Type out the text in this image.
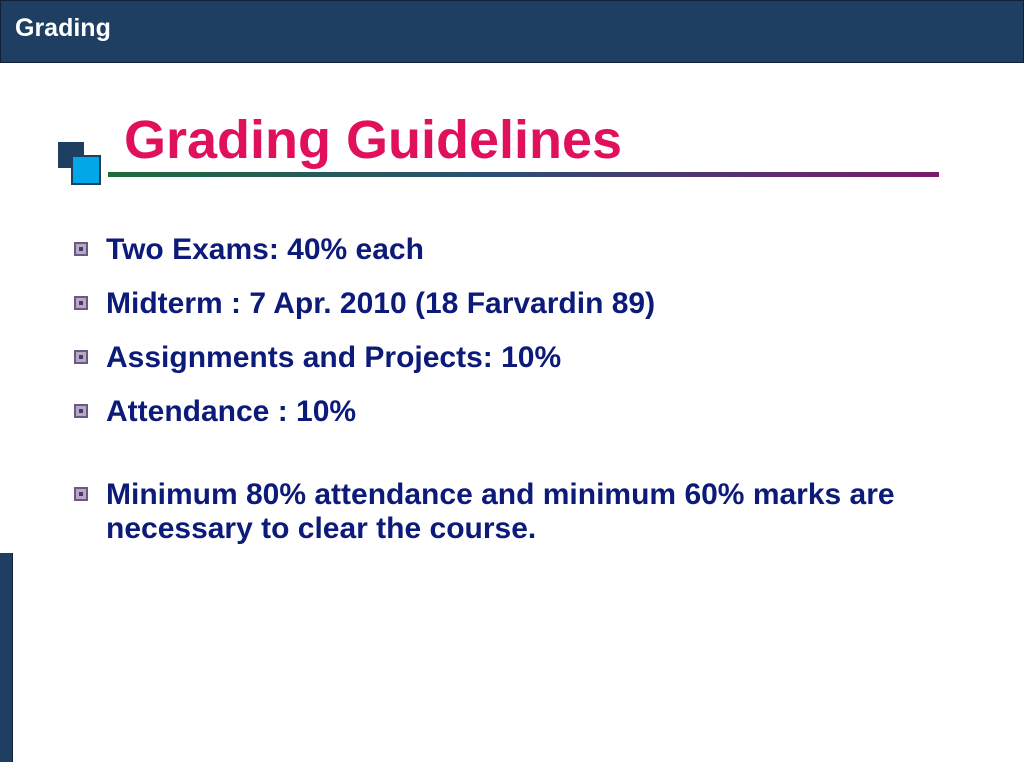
Grading
Grading Guidelines
Two Exams: 40% each
Midterm : 7 Apr. 2010 (18 Farvardin 89)
Assignments and Projects: 10%
Attendance : 10%
Minimum 80% attendance and minimum 60% marks are necessary to clear the course.
